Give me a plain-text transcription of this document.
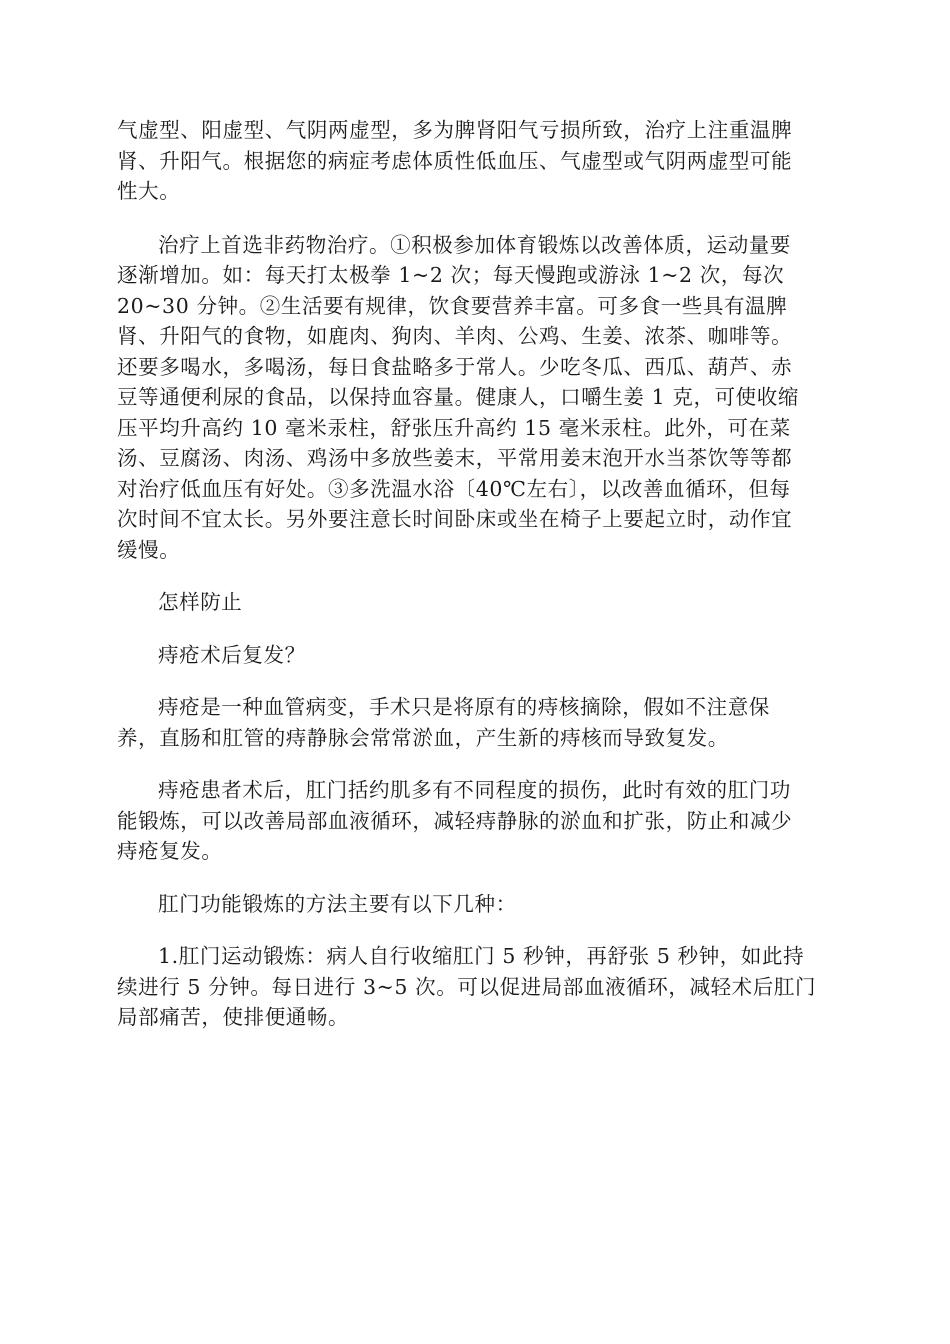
气虚型、阳虚型、气阴两虚型，多为脾肾阳气亏损所致，治疗上注重温脾
肾、升阳气。根据您的病症考虑体质性低血压、气虚型或气阴两虚型可能
性大。

治疗上首选非药物治疗。①积极参加体育锻炼以改善体质，运动量要
逐渐增加。如：每天打太极拳 1~2 次；每天慢跑或游泳 1~2 次，每次
20~30 分钟。②生活要有规律，饮食要营养丰富。可多食一些具有温脾
肾、升阳气的食物，如鹿肉、狗肉、羊肉、公鸡、生姜、浓茶、咖啡等。
还要多喝水，多喝汤，每日食盐略多于常人。少吃冬瓜、西瓜、葫芦、赤
豆等通便利尿的食品，以保持血容量。健康人，口嚼生姜 1 克，可使收缩
压平均升高约 10 毫米汞柱，舒张压升高约 15 毫米汞柱。此外，可在菜
汤、豆腐汤、肉汤、鸡汤中多放些姜末，平常用姜末泡开水当茶饮等等都
对治疗低血压有好处。③多洗温水浴〔40℃左右〕，以改善血循环，但每
次时间不宜太长。另外要注意长时间卧床或坐在椅子上要起立时，动作宜
缓慢。

怎样防止

痔疮术后复发？

痔疮是一种血管病变，手术只是将原有的痔核摘除，假如不注意保
养，直肠和肛管的痔静脉会常常淤血，产生新的痔核而导致复发。

痔疮患者术后，肛门括约肌多有不同程度的损伤，此时有效的肛门功
能锻炼，可以改善局部血液循环，减轻痔静脉的淤血和扩张，防止和减少
痔疮复发。

肛门功能锻炼的方法主要有以下几种：

1.肛门运动锻炼：病人自行收缩肛门 5 秒钟，再舒张 5 秒钟，如此持
续进行 5 分钟。每日进行 3~5 次。可以促进局部血液循环，减轻术后肛门
局部痛苦，使排便通畅。
